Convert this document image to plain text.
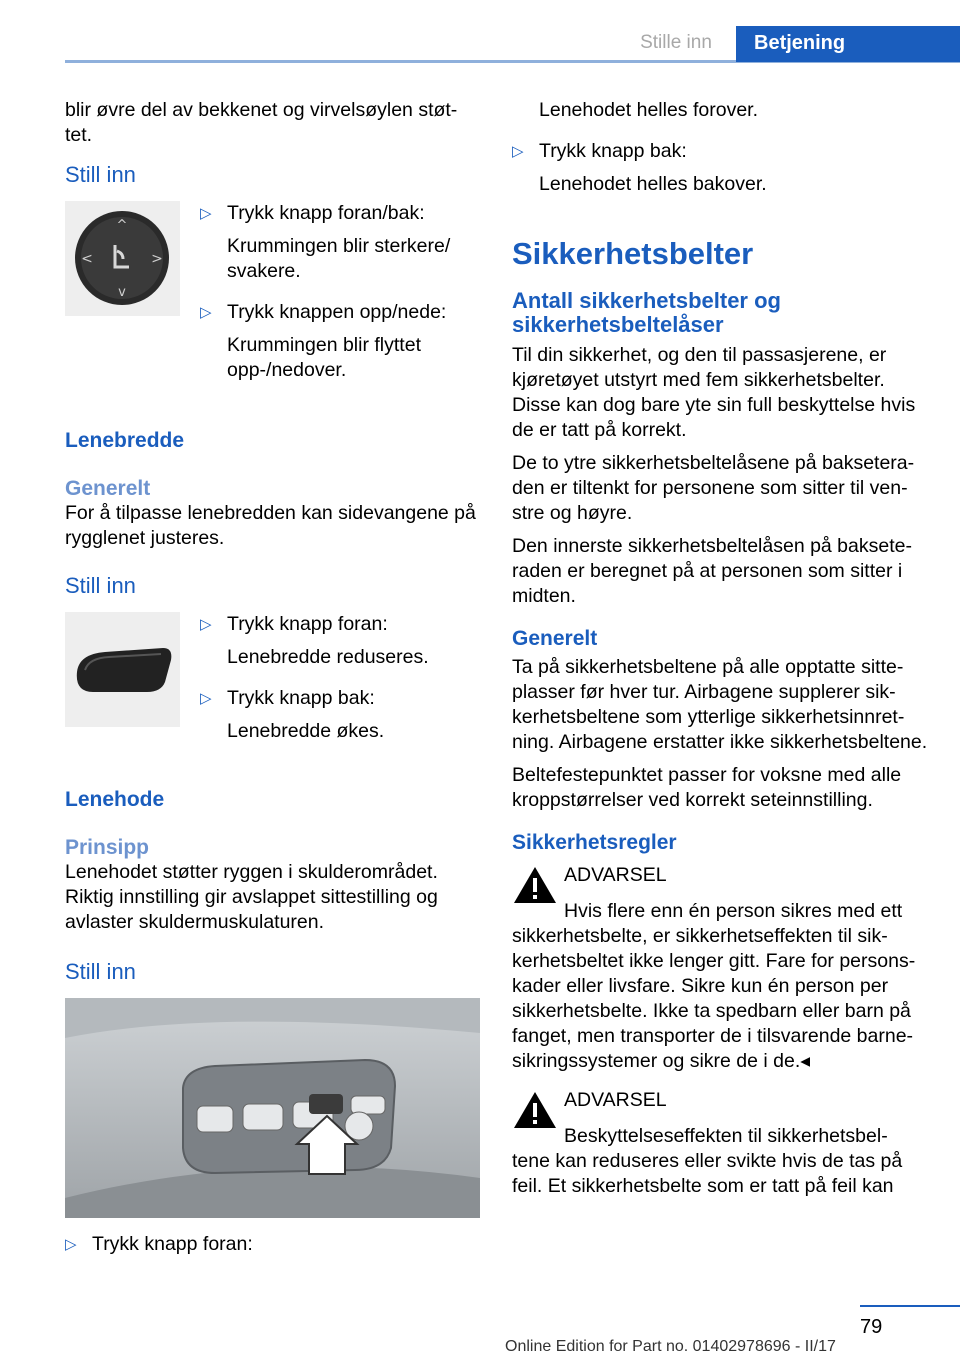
Stille inn	Betjening

blir øvre del av bekkenet og virvelsøylen støt- tet.

Still inn
^
v
<	>
▷ Trykk knapp foran/bak:

Krummingen blir sterkere/ svakere.

▷ Trykk knappen opp/nede:

Krummingen blir flyttet opp-/nedover.

Lenebredde
Generelt

For å tilpasse lenebredden kan sidevangene på rygglenet justeres.

Still inn
▷ Trykk knapp foran:

Lenebredde reduseres.

▷ Trykk knapp bak:

Lenebredde økes.

Lenehode
Prinsipp

Lenehodet støtter ryggen i skulderområdet. Riktig innstilling gir avslappet sittestilling og avlaster skuldermuskulaturen.

Still inn
▷ Trykk knapp foran:

Lenehodet helles forover.

▷ Trykk knapp bak:

Lenehodet helles bakover.

Sikkerhetsbelter
Antall sikkerhetsbelter og sikkerhetsbeltelåser

Til din sikkerhet, og den til passasjerene, er kjøretøyet utstyrt med fem sikkerhetsbelter. Disse kan dog bare yte sin full beskyttelse hvis de er tatt på korrekt.

De to ytre sikkerhetsbeltelåsene på baksetera- den er tiltenkt for personene som sitter til ven- stre og høyre.

Den innerste sikkerhetsbeltelåsen på baksete- raden er beregnet på at personen som sitter i midten.

Generelt

Ta på sikkerhetsbeltene på alle opptatte sitte- plasser før hver tur. Airbagene supplerer sik- kerhetsbeltene som ytterlige sikkerhetsinnret- ning. Airbagene erstatter ikke sikkerhetsbeltene.

Beltefestepunktet passer for voksne med alle kroppstørrelser ved korrekt seteinnstilling.

Sikkerhetsregler

ADVARSEL

Hvis flere enn én person sikres med ett sikkerhetsbelte, er sikkerhetseffekten til sik- kerhetsbeltet ikke lenger gitt. Fare for persons- kader eller livsfare. Sikre kun én person per sikkerhetsbelte. Ikke ta spedbarn eller barn på fanget, men transporter de i tilsvarende barne- sikringssystemer og sikre de i de.◂

ADVARSEL

Beskyttelseseffekten til sikkerhetsbel- tene kan reduseres eller svikte hvis de tas på feil. Et sikkerhetsbelte som er tatt på feil kan

79
Online Edition for Part no. 01402978696 - II/17
